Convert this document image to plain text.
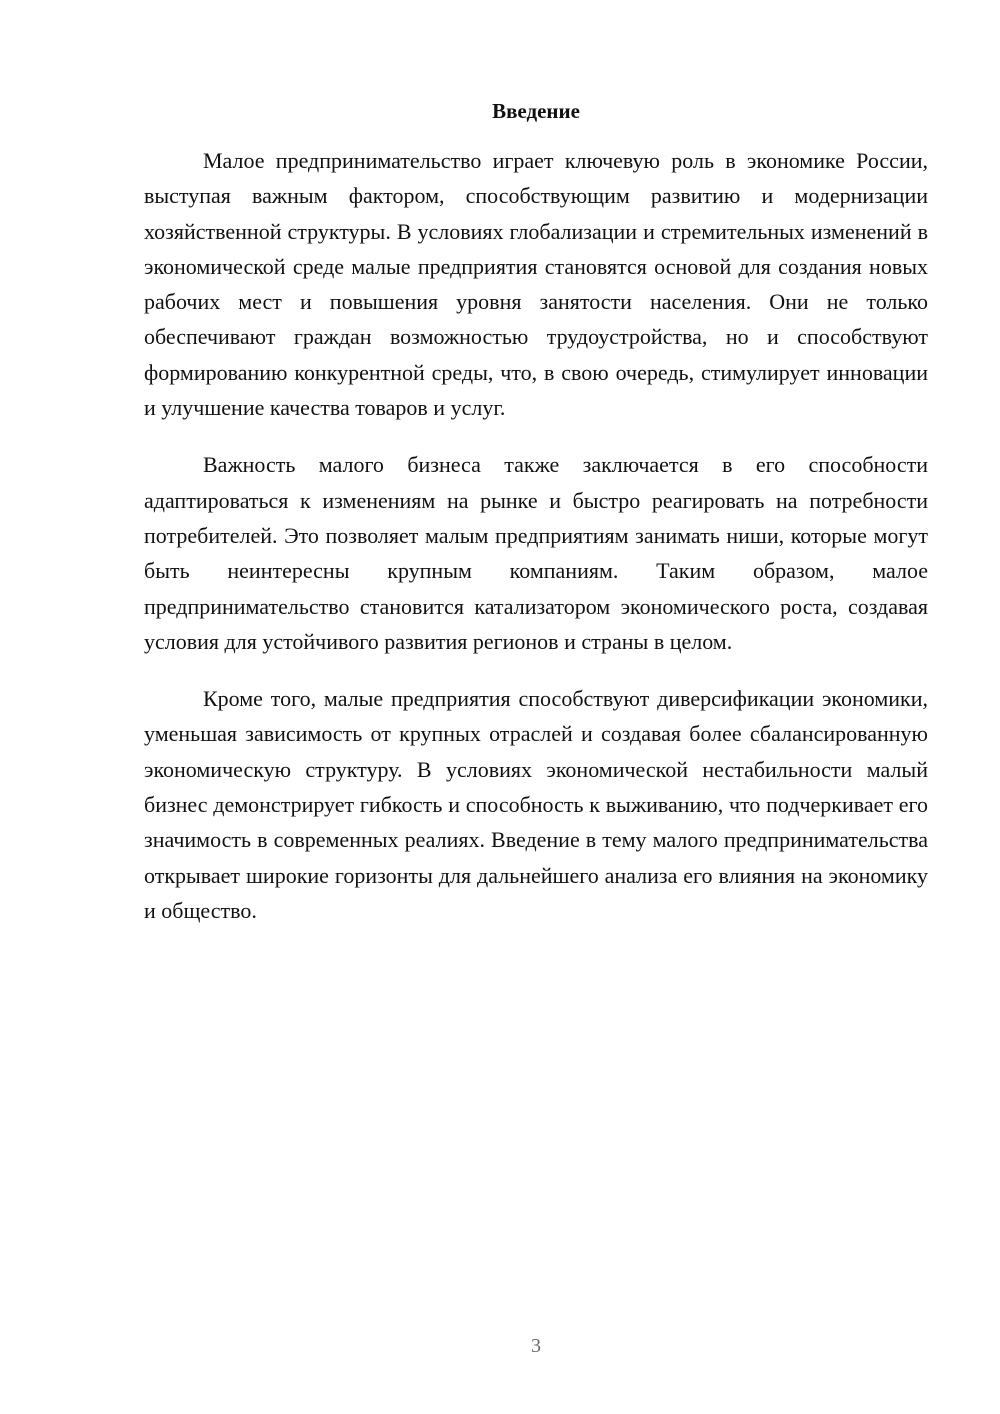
Введение

Малое предпринимательство играет ключевую роль в экономике России, выступая важным фактором, способствующим развитию и модернизации хозяйственной структуры. В условиях глобализации и стремительных изменений в экономической среде малые предприятия становятся основой для создания новых рабочих мест и повышения уровня занятости населения. Они не только обеспечивают граждан возможностью трудоустройства, но и способствуют формированию конкурентной среды, что, в свою очередь, стимулирует инновации и улучшение качества товаров и услуг.

Важность малого бизнеса также заключается в его способности адаптироваться к изменениям на рынке и быстро реагировать на потребности потребителей. Это позволяет малым предприятиям занимать ниши, которые могут быть неинтересны крупным компаниям. Таким образом, малое предпринимательство становится катализатором экономического роста, создавая условия для устойчивого развития регионов и страны в целом.

Кроме того, малые предприятия способствуют диверсификации экономики, уменьшая зависимость от крупных отраслей и создавая более сбалансированную экономическую структуру. В условиях экономической нестабильности малый бизнес демонстрирует гибкость и способность к выживанию, что подчеркивает его значимость в современных реалиях. Введение в тему малого предпринимательства открывает широкие горизонты для дальнейшего анализа его влияния на экономику и общество.

3
